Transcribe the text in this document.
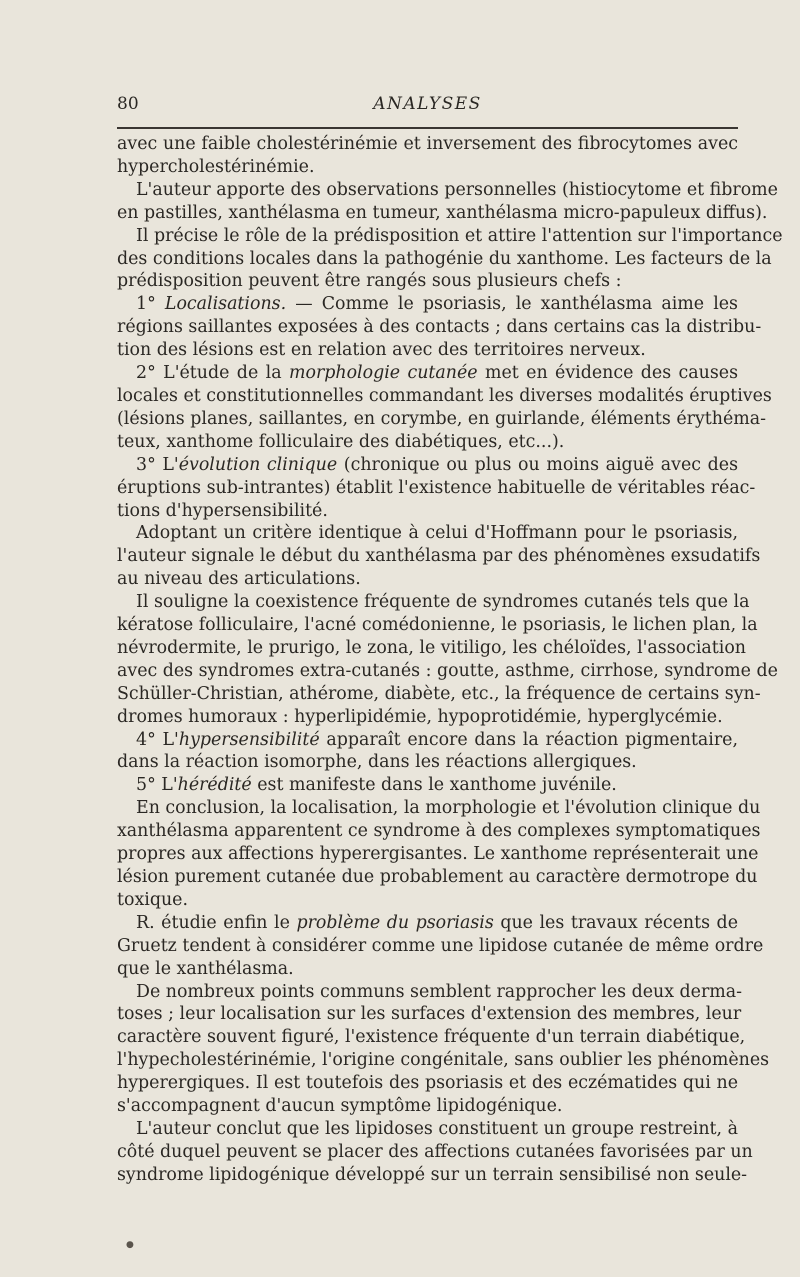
80	ANALYSES
avec une faible cholestérinémie et inversement des fibrocytomes avec
hypercholestérinémie.
L'auteur apporte des observations personnelles (histiocytome et fibrome
en pastilles, xanthélasma en tumeur, xanthélasma micro-papuleux diffus).
Il précise le rôle de la prédisposition et attire l'attention sur l'importance
des conditions locales dans la pathogénie du xanthome. Les facteurs de la
prédisposition peuvent être rangés sous plusieurs chefs :
1° Localisations. — Comme le psoriasis, le xanthélasma aime les
régions saillantes exposées à des contacts ; dans certains cas la distribu-
tion des lésions est en relation avec des territoires nerveux.
2° L'étude de la morphologie cutanée met en évidence des causes
locales et constitutionnelles commandant les diverses modalités éruptives
(lésions planes, saillantes, en corymbe, en guirlande, éléments érythéma-
teux, xanthome folliculaire des diabétiques, etc...).
3° L'évolution clinique (chronique ou plus ou moins aiguë avec des
éruptions sub-intrantes) établit l'existence habituelle de véritables réac-
tions d'hypersensibilité.
Adoptant un critère identique à celui d'Hoffmann pour le psoriasis,
l'auteur signale le début du xanthélasma par des phénomènes exsudatifs
au niveau des articulations.
Il souligne la coexistence fréquente de syndromes cutanés tels que la
kératose folliculaire, l'acné comédonienne, le psoriasis, le lichen plan, la
névrodermite, le prurigo, le zona, le vitiligo, les chéloïdes, l'association
avec des syndromes extra-cutanés : goutte, asthme, cirrhose, syndrome de
Schüller-Christian, athérome, diabète, etc., la fréquence de certains syn-
dromes humoraux : hyperlipidémie, hypoprotidémie, hyperglycémie.
4° L'hypersensibilité apparaît encore dans la réaction pigmentaire,
dans la réaction isomorphe, dans les réactions allergiques.
5° L'hérédité est manifeste dans le xanthome juvénile.
En conclusion, la localisation, la morphologie et l'évolution clinique du
xanthélasma apparentent ce syndrome à des complexes symptomatiques
propres aux affections hyperergisantes. Le xanthome représenterait une
lésion purement cutanée due probablement au caractère dermotrope du
toxique.
R. étudie enfin le problème du psoriasis que les travaux récents de
Gruetz tendent à considérer comme une lipidose cutanée de même ordre
que le xanthélasma.
De nombreux points communs semblent rapprocher les deux derma-
toses ; leur localisation sur les surfaces d'extension des membres, leur
caractère souvent figuré, l'existence fréquente d'un terrain diabétique,
l'hypecholestérinémie, l'origine congénitale, sans oublier les phénomènes
hyperergiques. Il est toutefois des psoriasis et des eczématides qui ne
s'accompagnent d'aucun symptôme lipidogénique.
L'auteur conclut que les lipidoses constituent un groupe restreint, à
côté duquel peuvent se placer des affections cutanées favorisées par un
syndrome lipidogénique développé sur un terrain sensibilisé non seule-
●
